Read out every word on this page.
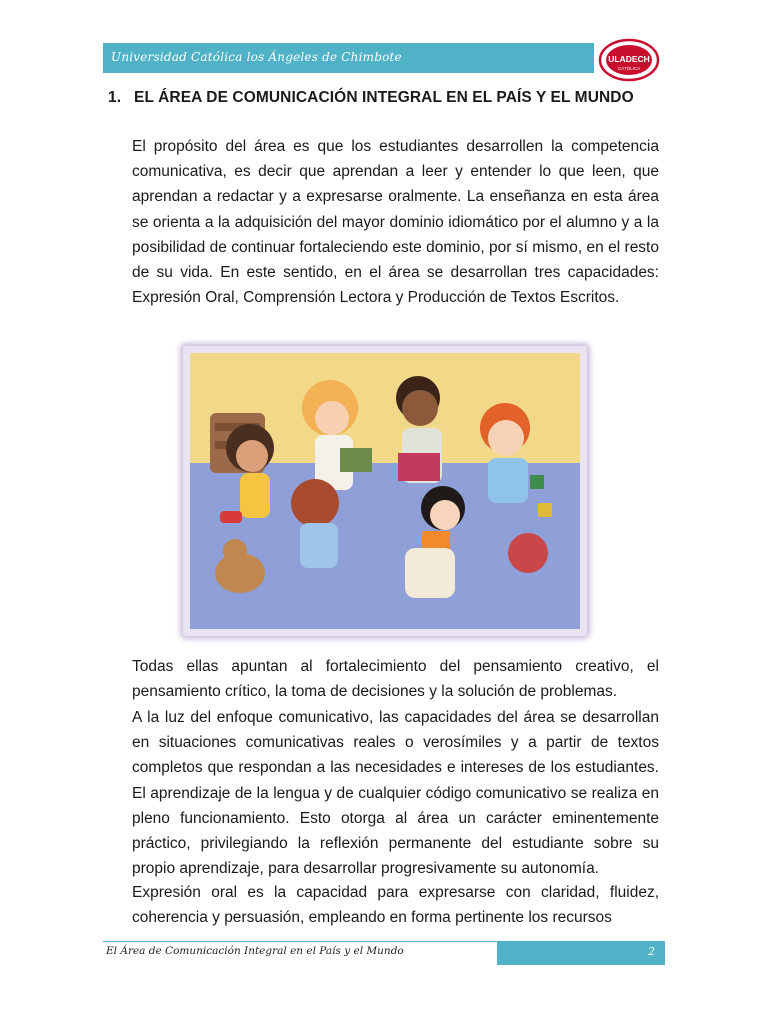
Universidad Católica los Ángeles de Chimbote	ULADECH
CATÓLICA
1. EL ÁREA DE COMUNICACIÓN INTEGRAL EN EL PAÍS Y EL MUNDO

El propósito del área es que los estudiantes desarrollen la competencia comunicativa, es decir que aprendan a leer y entender lo que leen, que aprendan a redactar y a expresarse oralmente. La enseñanza en esta área se orienta a la adquisición del mayor dominio idiomático por el alumno y a la posibilidad de continuar fortaleciendo este dominio, por sí mismo, en el resto de su vida. En este sentido, en el área se desarrollan tres capacidades: Expresión Oral, Comprensión Lectora y Producción de Textos Escritos.

Todas ellas apuntan al fortalecimiento del pensamiento creativo, el pensamiento crítico, la toma de decisiones y la solución de problemas.

A la luz del enfoque comunicativo, las capacidades del área se desarrollan en situaciones comunicativas reales o verosímiles y a partir de textos completos que respondan a las necesidades e intereses de los estudiantes. El aprendizaje de la lengua y de cualquier código comunicativo se realiza en pleno funcionamiento. Esto otorga al área un carácter eminentemente práctico, privilegiando la reflexión permanente del estudiante sobre su propio aprendizaje, para desarrollar progresivamente su autonomía.

Expresión oral es la capacidad para expresarse con claridad, fluidez, coherencia y persuasión, empleando en forma pertinente los recursos

El Área de Comunicación Integral en el País y el Mundo	2
